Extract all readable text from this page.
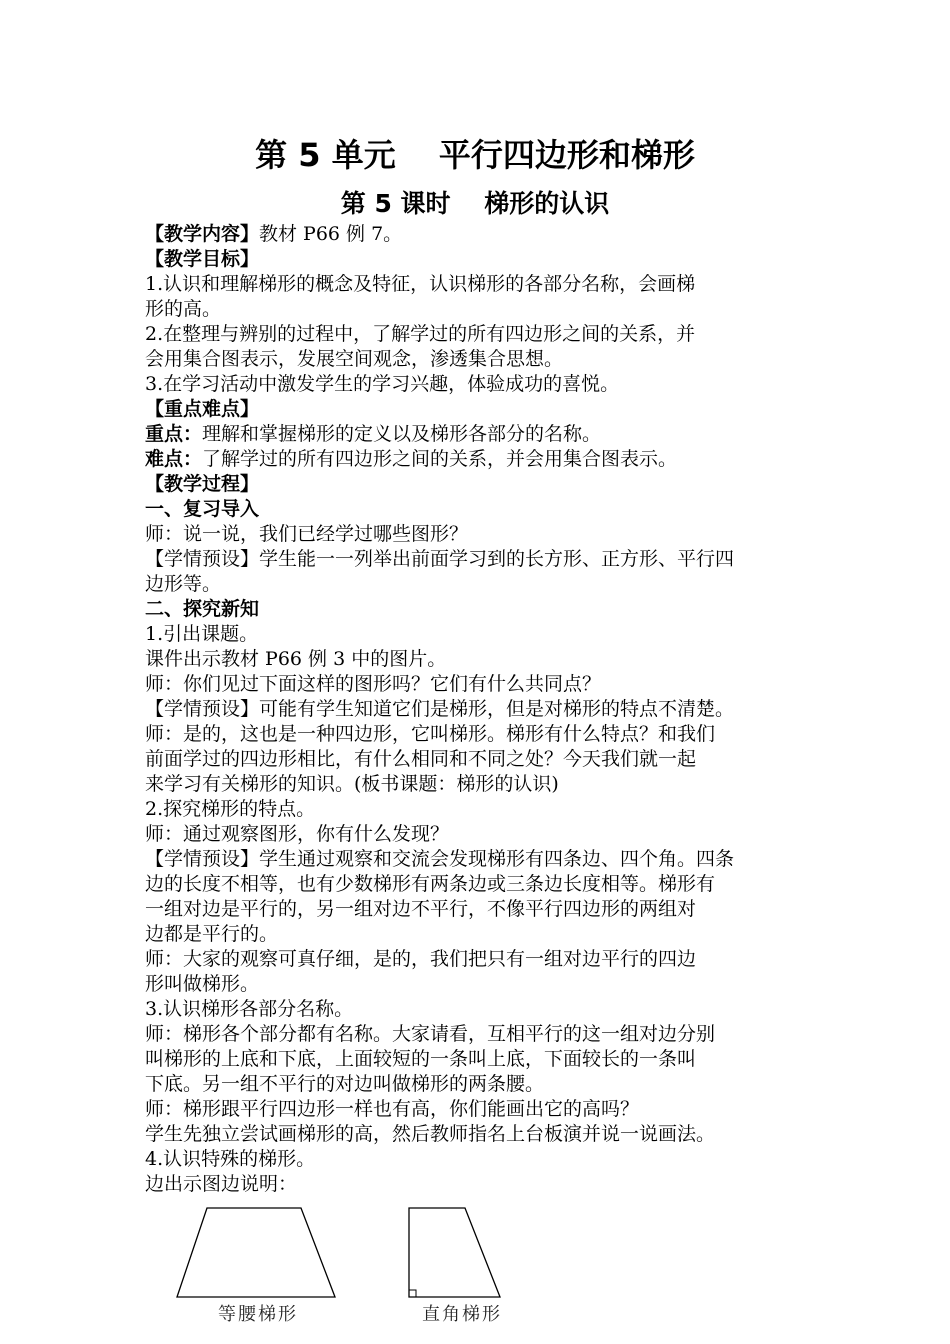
第 5 单元　 平行四边形和梯形
第 5 课时　 梯形的认识

【教学内容】教材 P66 例 7。

【教学目标】

1.认识和理解梯形的概念及特征，认识梯形的各部分名称，会画梯

形的高。

2.在整理与辨别的过程中，了解学过的所有四边形之间的关系，并

会用集合图表示，发展空间观念，渗透集合思想。

3.在学习活动中激发学生的学习兴趣，体验成功的喜悦。

【重点难点】

重点：理解和掌握梯形的定义以及梯形各部分的名称。

难点：了解学过的所有四边形之间的关系，并会用集合图表示。

【教学过程】

一、复习导入

师：说一说，我们已经学过哪些图形？

【学情预设】学生能一一列举出前面学习到的长方形、正方形、平行四

边形等。

二、探究新知

1.引出课题。

课件出示教材 P66 例 3 中的图片。

师：你们见过下面这样的图形吗？它们有什么共同点？

【学情预设】可能有学生知道它们是梯形，但是对梯形的特点不清楚。

师：是的，这也是一种四边形，它叫梯形。梯形有什么特点？和我们

前面学过的四边形相比，有什么相同和不同之处？今天我们就一起

来学习有关梯形的知识。(板书课题：梯形的认识)

2.探究梯形的特点。

师：通过观察图形，你有什么发现？

【学情预设】学生通过观察和交流会发现梯形有四条边、四个角。四条

边的长度不相等，也有少数梯形有两条边或三条边长度相等。梯形有

一组对边是平行的，另一组对边不平行，不像平行四边形的两组对

边都是平行的。

师：大家的观察可真仔细，是的，我们把只有一组对边平行的四边

形叫做梯形。

3.认识梯形各部分名称。

师：梯形各个部分都有名称。大家请看，互相平行的这一组对边分别

叫梯形的上底和下底，上面较短的一条叫上底，下面较长的一条叫

下底。另一组不平行的对边叫做梯形的两条腰。

师：梯形跟平行四边形一样也有高，你们能画出它的高吗？

学生先独立尝试画梯形的高，然后教师指名上台板演并说一说画法。

4.认识特殊的梯形。

边出示图边说明：

等腰梯形	直角梯形
